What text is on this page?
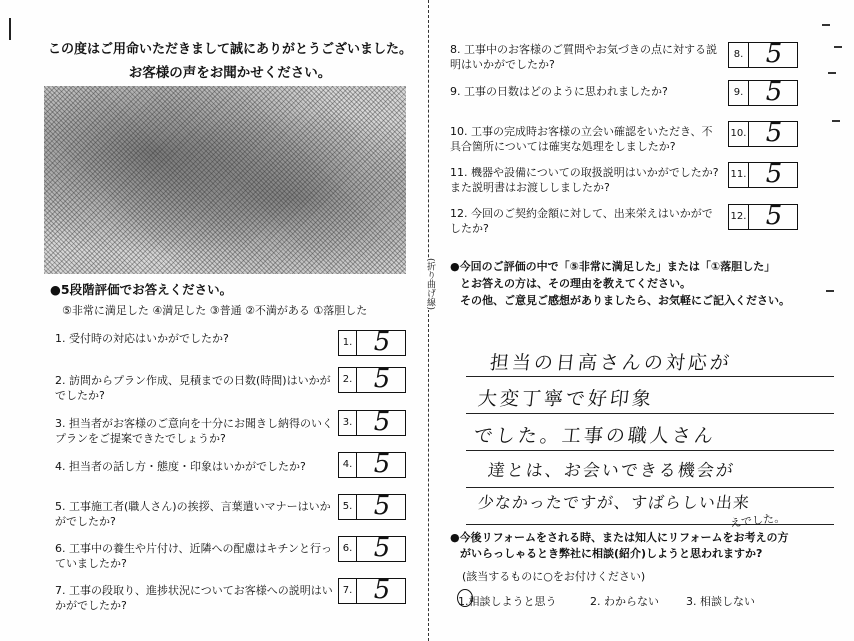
この度はご用命いただきまして誠にありがとうございました。
お客様の声をお聞かせください。
●5段階評価でお答えください。
⑤非常に満足した ④満足した ③普通 ②不満がある ①落胆した
1. 受付時の対応はいかがでしたか?	1. 5
2. 訪問からプラン作成、見積までの日数(時間)はいかがでしたか?
2. 5
3. 担当者がお客様のご意向を十分にお聞きし納得のいくプランをご提案できたでしょうか?
3. 5
4. 担当者の話し方・態度・印象はいかがでしたか?	4. 5
5. 工事施工者(職人さん)の挨拶、言葉遣いマナーはいかがでしたか?
5. 5
6. 工事中の養生や片付け、近隣への配慮はキチンと行っていましたか?
6. 5
7. 工事の段取り、進捗状況についてお客様への説明はいかがでしたか?
7. 5
(折り曲げ線)
8. 工事中のお客様のご質問やお気づきの点に対する説明はいかがでしたか?
8. 5
9. 工事の日数はどのように思われましたか?	9. 5
10. 工事の完成時お客様の立会い確認をいただき、不具合箇所については確実な処理をしましたか?
10. 5
11. 機器や設備についての取扱説明はいかがでしたか?また説明書はお渡ししましたか?
11. 5
12. 今回のご契約金額に対して、出来栄えはいかがでしたか?
12. 5
●今回のご評価の中で「⑤非常に満足した」または「①落胆した」
とお答えの方は、その理由を教えてください。
その他、ご意見ご感想がありましたら、お気軽にご記入ください。
担当の日高さんの対応が
大変丁寧で好印象
でした。工事の職人さん
達とは、お会いできる機会が
少なかったですが、すばらしい出来
えでした。
●今後リフォームをされる時、または知人にリフォームをお考えの方
がいらっしゃるとき弊社に相談(紹介)しようと思われますか?
(該当するものに○をお付けください)
1.相談しようと思う	2. わからない 3. 相談しない
